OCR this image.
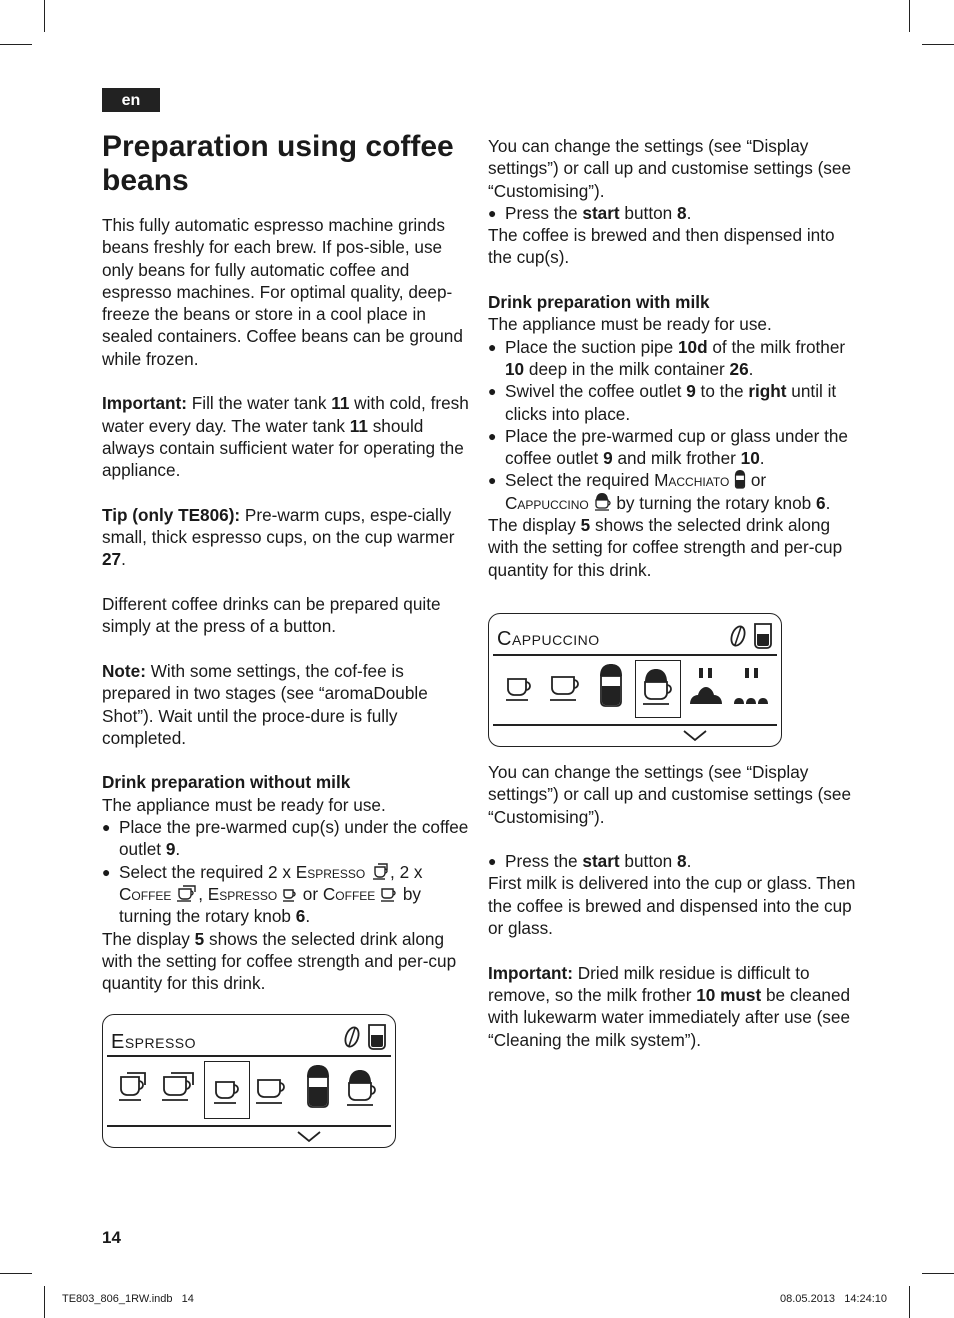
en
Preparation using coffee beans

This fully automatic espresso machine grinds beans freshly for each brew. If pos-sible, use only beans for fully automatic coffee and espresso machines. For optimal quality, deep-freeze the beans or store in a cool place in sealed containers. Coffee beans can be ground while frozen.

Important: Fill the water tank 11 with cold, fresh water every day. The water tank 11 should always contain sufficient water for operating the appliance.

Tip (only TE806): Pre-warm cups, espe-cially small, thick espresso cups, on the cup warmer 27.

Different coffee drinks can be prepared quite simply at the press of a button.

Note: With some settings, the cof-fee is prepared in two stages (see “aromaDouble Shot”). Wait until the proce-dure is fully completed.

Drink preparation without milk

The appliance must be ready for use.

● Place the pre-warmed cup(s) under the coffee outlet 9.

● Select the required 2 x Espresso , 2 x Coffee , Espresso  or Coffee  by turning the rotary knob 6.

The display 5 shows the selected drink along with the setting for coffee strength and per-cup quantity for this drink.

Espresso

You can change the settings (see “Display settings”) or call up and customise settings (see “Customising”).

● Press the start button 8.

The coffee is brewed and then dispensed into the cup(s).

Drink preparation with milk

The appliance must be ready for use.

● Place the suction pipe 10d of the milk frother 10 deep in the milk container 26.

● Swivel the coffee outlet 9 to the right until it clicks into place.

● Place the pre-warmed cup or glass under the coffee outlet 9 and milk frother 10.

● Select the required Macchiato  or Cappuccino  by turning the rotary knob 6.

The display 5 shows the selected drink along with the setting for coffee strength and per-cup quantity for this drink.

Cappuccino

You can change the settings (see “Display settings”) or call up and customise settings (see “Customising”).

● Press the start button 8.

First milk is delivered into the cup or glass. Then the coffee is brewed and dispensed into the cup or glass.

Important: Dried milk residue is difficult to remove, so the milk frother 10 must be cleaned with lukewarm water immediately after use (see “Cleaning the milk system”).

14
TE803_806_1RW.indb   14	08.05.2013   14:24:10
